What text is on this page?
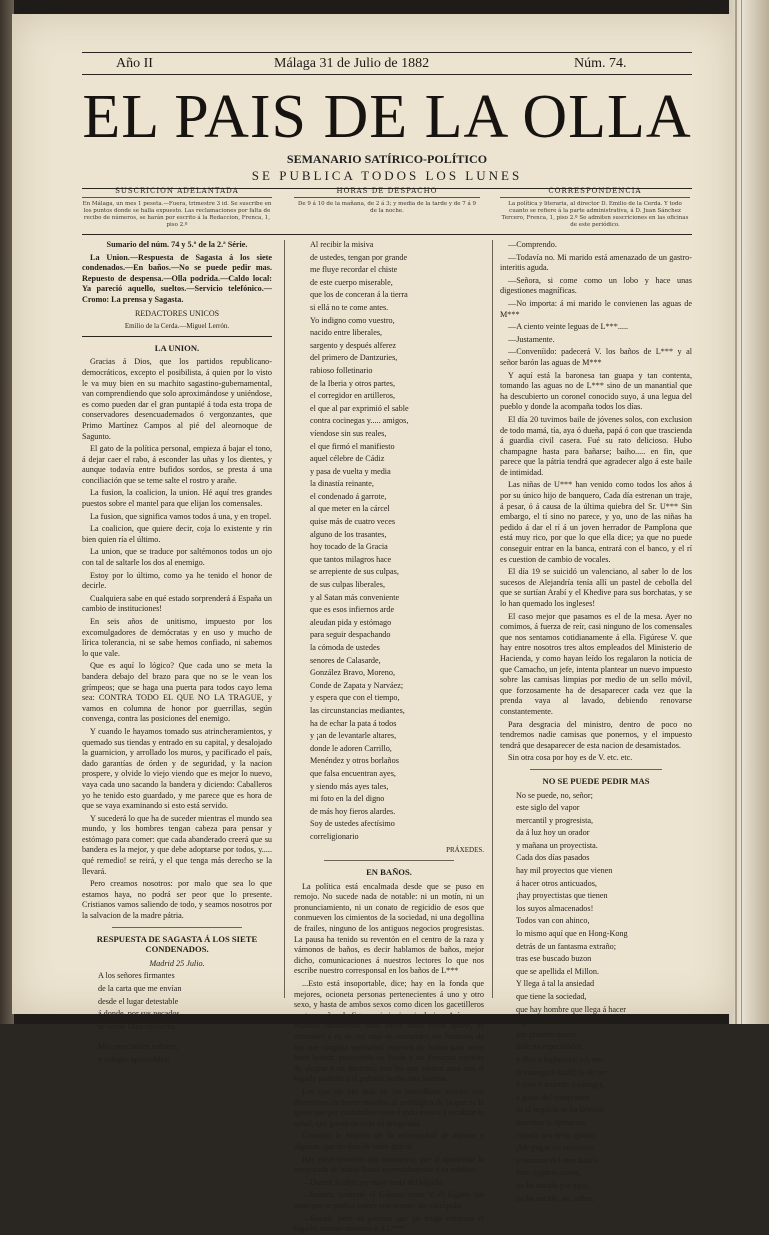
Año II	Málaga 31 de Julio de 1882	Núm. 74.
EL PAIS DE LA OLLA
SEMANARIO SATÍRICO-POLÍTICO
SE PUBLICA TODOS LOS LUNES
SUSCRICION ADELANTADA
En Málaga, un mes 1 peseta.—Fuera, trimestre 3 id. Se suscribe en los puntos donde se halla expuesto. Las reclamaciones por falta de recibo de números, se harán por escrito á la Redaccion, Frenca, 1, piso 2.º
HORAS DE DESPACHO
De 9 á 10 de la mañana, de 2 á 3; y media de la tarde y de 7 á 9 de la noche.
CORRESPONDENCIA
La política y literaria, al director D. Emilio de la Cerda. Y todo cuanto se refiere á la parte administrativa, á D. Juan Sánchez Tercero, Frenca, 1, piso 2.º Se admiten suscriciones en las oficinas de este periódico.

Sumario del núm. 74 y 5.º de la 2.ª Série.

La Union.—Respuesta de Sagasta á los siete condenados.—En baños.—No se puede pedir mas. Repuesto de despensa.—Olla podrida.—Caldo local: Ya pareció aquello, sueltos.—Servicio telefónico.—Cromo: La prensa y Sagasta.

REDACTORES UNICOS

Emilio de la Cerda.—Miguel Lerrón.

LA UNION.

Gracias á Dios, que los partidos republicano-democráticos, excepto el posibilista, á quien por lo visto le va muy bien en su machito sagastino-gubernamental, van comprendiendo que solo aproximándose y uniéndose, es como pueden dar el gran puntapié á toda esta tropa de conservadores desencuadernados ó vergonzantes, que Primo Martínez Campos al pié del aleornoque de Sagunto.

El gato de la política personal, empieza á bajar el tono, á dejar caer el rabo, á esconder las uñas y los dientes, y aunque todavía entre bufidos sordos, se presta á una conciliación que se teme salte el rostro y arañe.

La fusion, la coalicion, la union. Hé aquí tres grandes puestos sobre el mantel para que elijan los comensales.

La fusion, que significa vamos todos á una, y en tropel.

La coalicion, que quiere decir, coja lo existente y rin bien quien ría el último.

La union, que se traduce por saltémonos todos un ojo con tal de saltarle los dos al enemigo.

Estoy por lo último, como ya he tenido el honor de decirle.

Cualquiera sabe en qué estado sorprenderá á España un cambio de instituciones!

En seis años de unitismo, impuesto por los excomulgadores de demócratas y en uso y mucho de lírica tolerancia, ni se sabe hemos confiado, ni sabemos lo que vale.

Que es aquí lo lógico? Que cada uno se meta la bandera debajo del brazo para que no se le vean los grímpeos; que se haga una puerta para todos cayo lema sea: CONTRA TODO EL QUE NO LA TRAGUE, y vamos en columna de honor por guerrillas, según convenga, contra las posiciones del enemigo.

Y cuando le hayamos tomado sus atrincheramientos, y quemado sus tiendas y entrado en su capital, y desalojado la guarnicion, y arrollado los muros, y pacificado el país, dado garantías de órden y de seguridad, y la nacion prospere, y olvide lo viejo viendo que es mejor lo nuevo, vaya cada uno sacando la bandera y diciendo: Caballeros yo he tenido esto guardado, y me parece que es hora de que se vaya examinando si esto está servido.

Y sucederá lo que ha de suceder mientras el mundo sea mundo, y los hombres tengan cabeza para pensar y estómago para comer: que cada abanderado creerá que su bandera es la mejor, y que debe adoptarse por todos, y..... qué remedio! se reirá, y el que tenga más derecho se la llevará.

Pero creamos nosotros: por malo que sea lo que estamos haya, no podrá ser peor que lo presente. Cristianos vamos saliendo de todo, y seamos nosotros por la salvacion de la madre pátria.

RESPUESTA DE SAGASTA Á LOS SIETE CONDENADOS.

Madrid 25 Julio.

A los señores firmantes

de la carta que me envían

desde el lugar detestable

á donde, por sus pecados,

se sirvió Dios enviarles.

Mis apreciables señores,

y colegas apreciables:

Al recibir la misiva

de ustedes, tengan por grande

me fluye recordar el chiste

de este cuerpo miserable,

que los de conceran á la tierra

si ellá no te come antes.

Yo indigno como vuestro,

nacido entre liberales,

sargento y después alferez

del primero de Dantzuries,

rabioso folletinario

de la Iberia y otros partes,

el corregidor en artilleros,

el que al par exprimió el sable

contra cocinegas y..... amigos,

víendose sin sus reales,

el que firmó el manifiesto

aquel célebre de Cádiz

y pasa de vuelta y media

la dinastía reinante,

el condenado á garrote,

al que meter en la cárcel

quise más de cuatro veces

alguno de los trasantes,

hoy tocado de la Gracia

que tantos milagros hace

se arrepiente de sus culpas,

de sus culpas liberales,

y al Satan más conveniente

que es esos infiernos arde

aleudan pida y estómago

para seguir despachando

la cómoda de ustedes

senores de Calasarde,

González Bravo, Moreno,

Conde de Zapata y Narváez;

y espera que con el tiempo,

las circunstancias mediantes,

ha de echar la pata á todos

y ¡an de levantarle altares,

donde le adoren Carrillo,

Menéndez y otros borlaños

que falsa encuentran ayes,

y siendo más ayes tales,

mi foto en la del digno

de más hoy fieros alardes.

Soy de ustedes afectísimo

correligionario

PRÁXEDES.

EN BAÑOS.

La política está encalmada desde que se puso en remojo. No sucede nada de notable: ni un motín, ni un pronunciamiento, ni un conato de regicidio de esos que conmueven los cimientos de la sociedad, ni una degollina de frailes, ninguno de los antiguos negocios progresistas. La pausa ha tenido su reventón en el centro de la raza y vámonos de baños, es decir hablamos de baños, mejor dicho, comunicaciones á nuestros lectores lo que nos escribe nuestro corresponsal en los baños de L***

...Esto está insoportable, dice; hay en la fonda que mejores, ocioneta personas pertenecientes á uno y otro sexo, y hasta de ambos sexos como dicen los gacetilleros y otros señas de figura, ni siquiera inclusive. Así es que estamos durmiendo unos sobre otros (sexo aparte, se entiende) y es de ver cual se confunden los humores de los que ninguna necesidad tenemos de baños para tener buen humor, poseyendo un Pavía y un Veracruz capaces de alegrar á un doctrino, con los que vienen aquí con el hígado podrido á el pulmón hecho una lástima.

Los que no vio más en las inmediatas estado, nos divertimos en hacer estudios al nostálgico de la que es la gente que por costumbre viene á todo menos á recobrar la salud, que gozan en toda su integridad.

Conozco la historia de la enfermedad de alguno y algunas, que no deja de tener gracia.

Hay entre nosotros una baronesita, que al aproximar la temporada de baños llamó reservadamente á su médico.

—Doctor le dijo: yo estoy mala del hígado.

—Señora, contestó el Galeno: tiene V. el hígado tan sano que se podría comer con tomate sin escrúpulo.

—Bueno, pero es preciso que yo tenga enfermo el hígado, porque necesito ir á L***

—Comprendo.

—Todavía no. Mi marido está amenazado de un gastro-interitis aguda.

—Señora, si come como un lobo y hace unas digestiones magníficas.

—No importa: á mi marido le convienen las aguas de M***

—A ciento veinte leguas de L***.....

—Justamente.

—Conveníido: padecerá V. los baños de L*** y al señor barón las aguas de M***

Y aquí está la baronesa tan guapa y tan contenta, tomando las aguas no de L*** sino de un manantial que ha descubierto un coronel conocido suyo, á una legua del pueblo y donde la acompaña todos los días.

El día 20 tuvimos baile de jóvenes solos, con exclusion de todo mamá, tía, aya ó dueña, papá ó con que trascienda á guardia civil casera. Fué su rato delicioso. Hubo champagne hasta para bañarse; baiho..... en fin, que parece que la pátria tendrá que agradecer algo á este baile de intimidad.

Las niñas de U*** han venido como todos los años á por su único hijo de banquero, Cada día estrenan un traje, á pesar, ó á causa de la última quiebra del Sr. U*** Sin embargo, el tí sino no parece, y yo, uno de las niñas ha pedido á dar el rí á un joven herrador de Pamplona que está muy rico, por que lo que ella dice; ya que no puede conseguir entrar en la banca, entrará con el banco, y el rí es cuestion de cambio de vocales.

El día 19 se suicidó un valenciano, al saber lo de los sucesos de Alejandría tenía allí un pastel de cebolla del que se surtían Arabí y el Khedive para sus borchatas, y se lo han quemado los ingleses!

El caso mejor que pasamos es el de la mesa. Ayer no comimos, á fuerza de reír, casi ninguno de los comensales que nos sentamos cotidianamente á ella. Figúrese V. que hay entre nosotros tres altos empleados del Ministerio de Hacienda, y como hayan leído los regalaron la noticia de que Camacho, un jefe, intenta plantear un nuevo impuesto sobre las camisas limpias por medio de un sello móvil, que forzosamente ha de desaparecer cada vez que la prenda vaya al lavado, debiendo renovarse constantemente.

Para desgracia del ministro, dentro de poco no tendremos nadie camisas que ponernos, y el impuesto tendrá que desaparecer de esta nacion de desamistados.

Sin otra cosa por hoy es de V. etc. etc.

NO SE PUEDE PEDIR MAS

No se puede, no, señor;

este siglo del vapor

mercantil y progresista,

da á luz hoy un orador

y mañana un proyectista.

Cada dos días pasados

hay mil proyectos que vienen

á hacer otros anticuados,

¡hay proyectistas que tienen

los suyos almacenados!

Todos van con ahinco,

lo mismo aquí que en Hong-Kong

detrás de un fantasma extraño;

tras ese buscado buzon

que se apellida el Millon.

Y llega á tal la ansiedad

que tiene la sociedad,

que hay hombre que llega á hacer

alguna barbaridad

por poderlo mocer.

Sale un especulador

y dice á Inglaterra: «A ver:

te entrego á Arabí; la de ser

á vivo ó muerto: á escoger,

á gusto del comprador.

Si el negocio se ha llevado

haremos la operacion

cuando sea de tu agrado,

¡Me pagas mi comision,

y estamos del otro lado!»

Este negocio suyas,

no ha nacido por aquí,

no ha nacido, no, señor,
